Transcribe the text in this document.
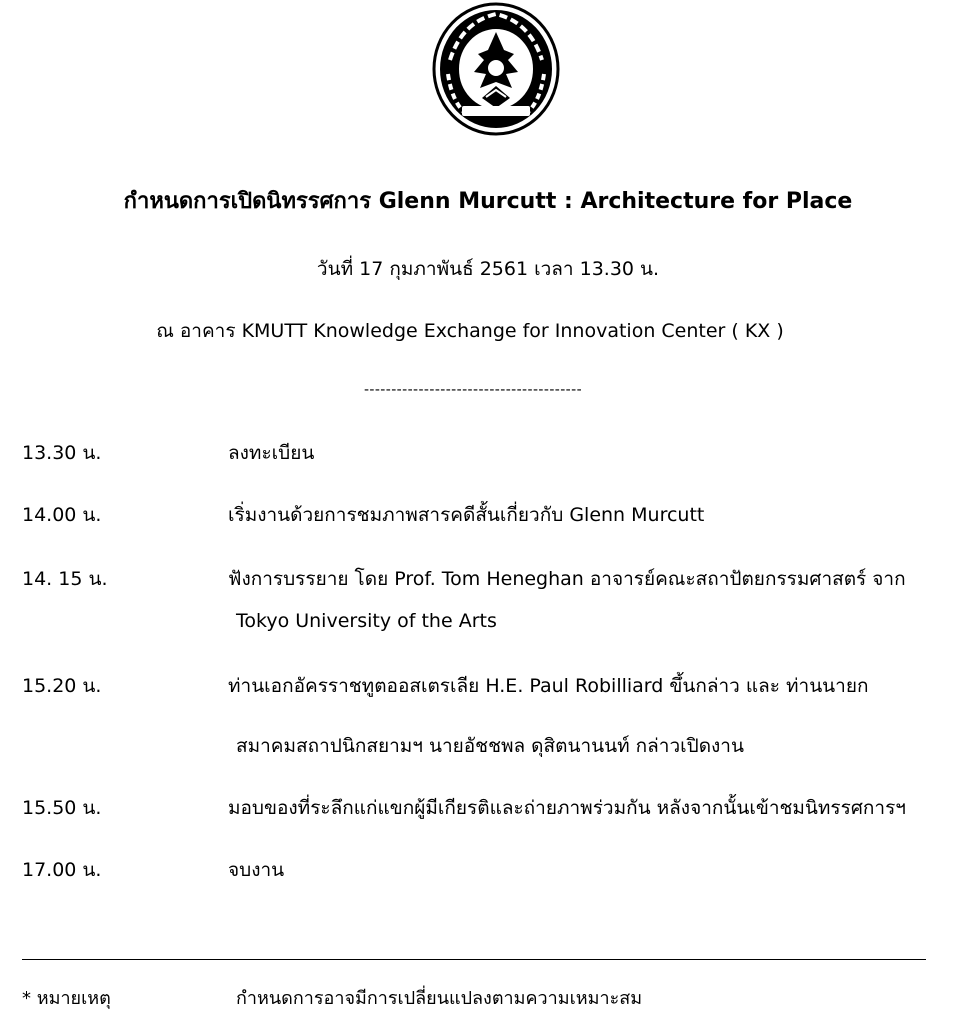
กำหนดการเปิดนิทรรศการ Glenn Murcutt : Architecture for Place
วันที่ 17 กุมภาพันธ์ 2561 เวลา 13.30 น.
ณ อาคาร KMUTT Knowledge Exchange for Innovation Center ( KX )
----------------------------------------
13.30 น.	ลงทะเบียน
14.00 น.	เริ่มงานด้วยการชมภาพสารคดีสั้นเกี่ยวกับ Glenn Murcutt
14. 15 น.	ฟังการบรรยาย โดย Prof. Tom Heneghan อาจารย์คณะสถาปัตยกรรมศาสตร์ จาก
Tokyo University of the Arts
15.20 น.	ท่านเอกอัครราชทูตออสเตรเลีย H.E. Paul Robilliard ขึ้นกล่าว และ ท่านนายก
สมาคมสถาปนิกสยามฯ นายอัชชพล ดุสิตนานนท์ กล่าวเปิดงาน
15.50 น.	มอบของที่ระลึกแก่แขกผู้มีเกียรติและถ่ายภาพร่วมกัน หลังจากนั้นเข้าชมนิทรรศการฯ
17.00 น.	จบงาน
* หมายเหตุ	กำหนดการอาจมีการเปลี่ยนแปลงตามความเหมาะสม
